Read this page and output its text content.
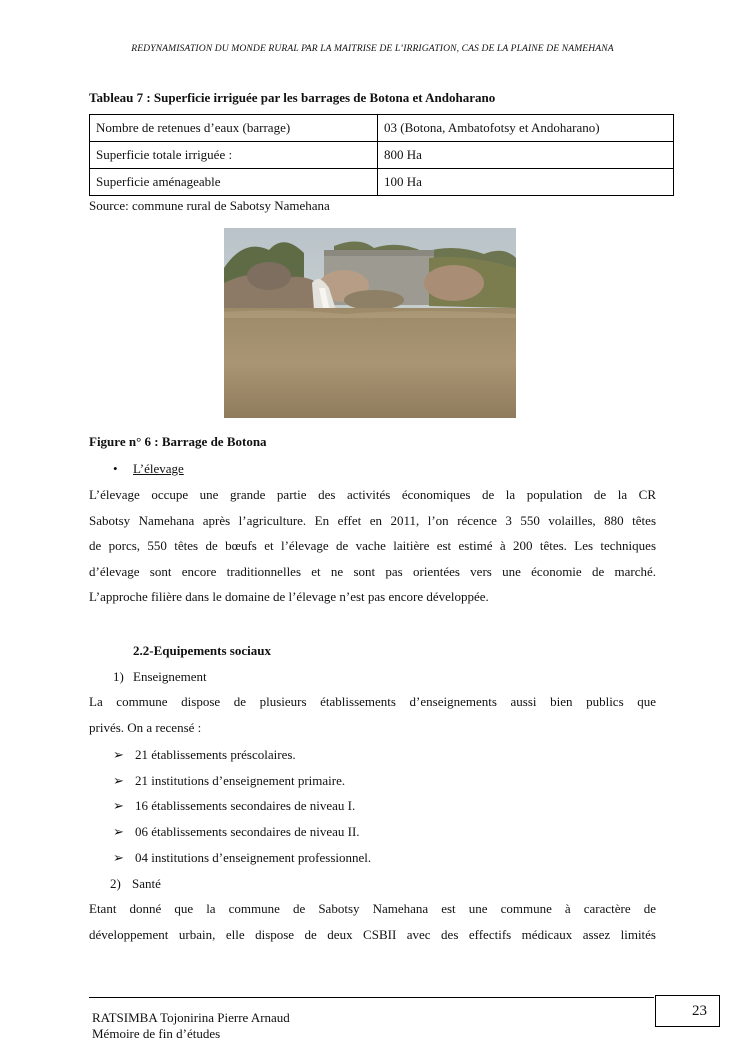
REDYNAMISATION DU MONDE RURAL PAR LA MAITRISE DE L’IRRIGATION, CAS DE LA PLAINE DE NAMEHANA
Tableau 7 : Superficie irriguée par les barrages de Botona et Andoharano
Nombre de retenues d’eaux (barrage)	03 (Botona, Ambatofotsy et Andoharano)
Superficie totale irriguée :	800 Ha
Superficie aménageable	100 Ha
Source: commune rural de Sabotsy Namehana
Figure n° 6 : Barrage de Botona
• L’élevage

L’élevage occupe une grande partie des activités économiques de la population de la CR
Sabotsy Namehana après l’agriculture. En effet en 2011, l’on récence 3 550 volailles, 880 têtes
de porcs, 550 têtes de bœufs et l’élevage de vache laitière est estimé à 200 têtes. Les techniques
d’élevage sont encore traditionnelles et ne sont pas orientées vers une économie de marché.
L’approche filière dans le domaine de l’élevage n’est pas encore développée.

2.2-Equipements sociaux
1) Enseignement

La commune dispose de plusieurs établissements d’enseignements aussi bien publics que
privés. On a recensé :

➢ 21 établissements préscolaires.
➢ 21 institutions d’enseignement primaire.
➢ 16 établissements secondaires de niveau I.
➢ 06 établissements secondaires de niveau II.
➢ 04 institutions d’enseignement professionnel.
2) Santé

Etant donné que la commune de Sabotsy Namehana est une commune à caractère de
développement urbain, elle dispose de deux CSBII avec des effectifs médicaux assez limités

RATSIMBA Tojonirina Pierre Arnaud
Mémoire de fin d’études
23
